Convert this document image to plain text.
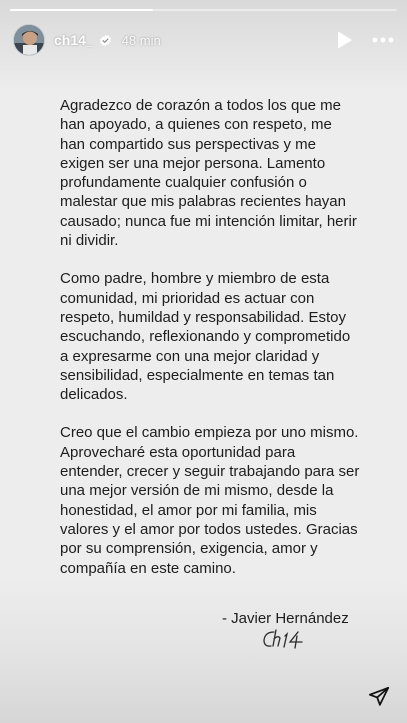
ch14_ 48 min

Agradezco de corazón a todos los que me han apoyado, a quienes con respeto, me han compartido sus perspectivas y me exigen ser una mejor persona. Lamento profundamente cualquier confusión o malestar que mis palabras recientes hayan causado; nunca fue mi intención limitar, herir ni dividir.

Como padre, hombre y miembro de esta comunidad, mi prioridad es actuar con respeto, humildad y responsabilidad. Estoy escuchando, reflexionando y comprometido a expresarme con una mejor claridad y sensibilidad, especialmente en temas tan delicados.

Creo que el cambio empieza por uno mismo. Aprovecharé esta oportunidad para entender, crecer y seguir trabajando para ser una mejor versión de mi mismo, desde la honestidad, el amor por mi familia, mis valores y el amor por todos ustedes. Gracias por su comprensión, exigencia, amor y compañía en este camino.

- Javier Hernández
